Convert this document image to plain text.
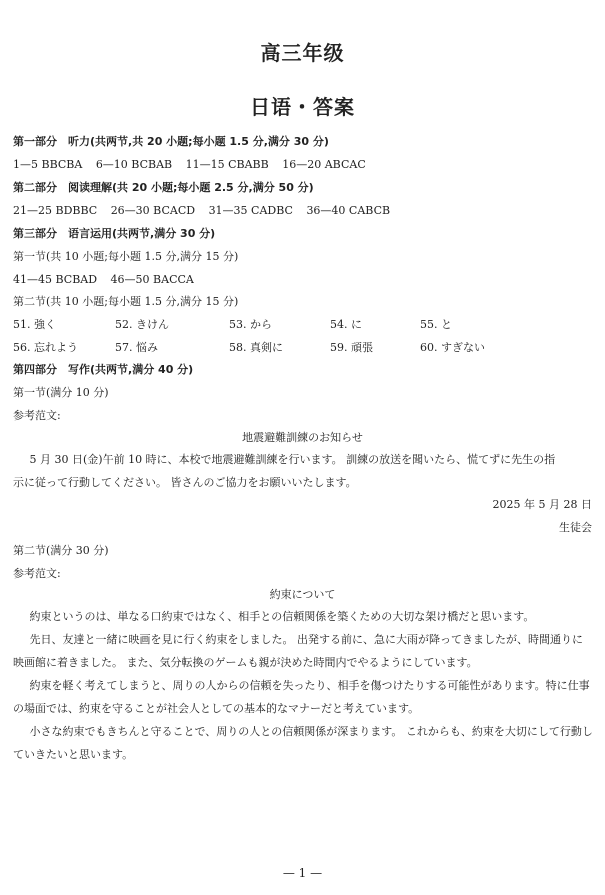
高三年级
日语・答案
第一部分　听力(共两节,共 20 小题;每小题 1.5 分,满分 30 分)
1—5 BBCBA 6—10 BCBAB 11—15 CBABB 16—20 ABCAC
第二部分　阅读理解(共 20 小题;每小题 2.5 分,满分 50 分)
21—25 BDBBC 26—30 BCACD 31—35 CADBC 36—40 CABCB
第三部分　语言运用(共两节,满分 30 分)
第一节(共 10 小题;每小题 1.5 分,满分 15 分)
41—45 BCBAD 46—50 BACCA
第二节(共 10 小题;每小题 1.5 分,满分 15 分)
51. 強く	52. きけん	53. から	54. に	55. と
56. 忘れよう	57. 悩み	58. 真剣に	59. 頑張	60. すぎない
第四部分　写作(共两节,满分 40 分)
第一节(满分 10 分)
参考范文:
地震避難訓練のお知らせ
5 月 30 日(金)午前 10 時に、本校で地震避難訓練を行います。 訓練の放送を聞いたら、慌てずに先生の指
示に従って行動してください。 皆さんのご協力をお願いいたします。
2025 年 5 月 28 日
生徒会
第二节(满分 30 分)
参考范文:
約束について

約束というのは、単なる口約束ではなく、相手との信頼関係を築くための大切な架け橋だと思います。

先日、友達と一緒に映画を見に行く約束をしました。 出発する前に、急に大雨が降ってきましたが、時間通りに映画館に着きました。 また、気分転換のゲームも親が決めた時間内でやるようにしています。

約束を軽く考えてしまうと、周りの人からの信頼を失ったり、相手を傷つけたりする可能性があります。特に仕事の場面では、約束を守ることが社会人としての基本的なマナーだと考えています。

小さな約束でもきちんと守ることで、周りの人との信頼関係が深まります。 これからも、約束を大切にして行動していきたいと思います。

— 1 —
